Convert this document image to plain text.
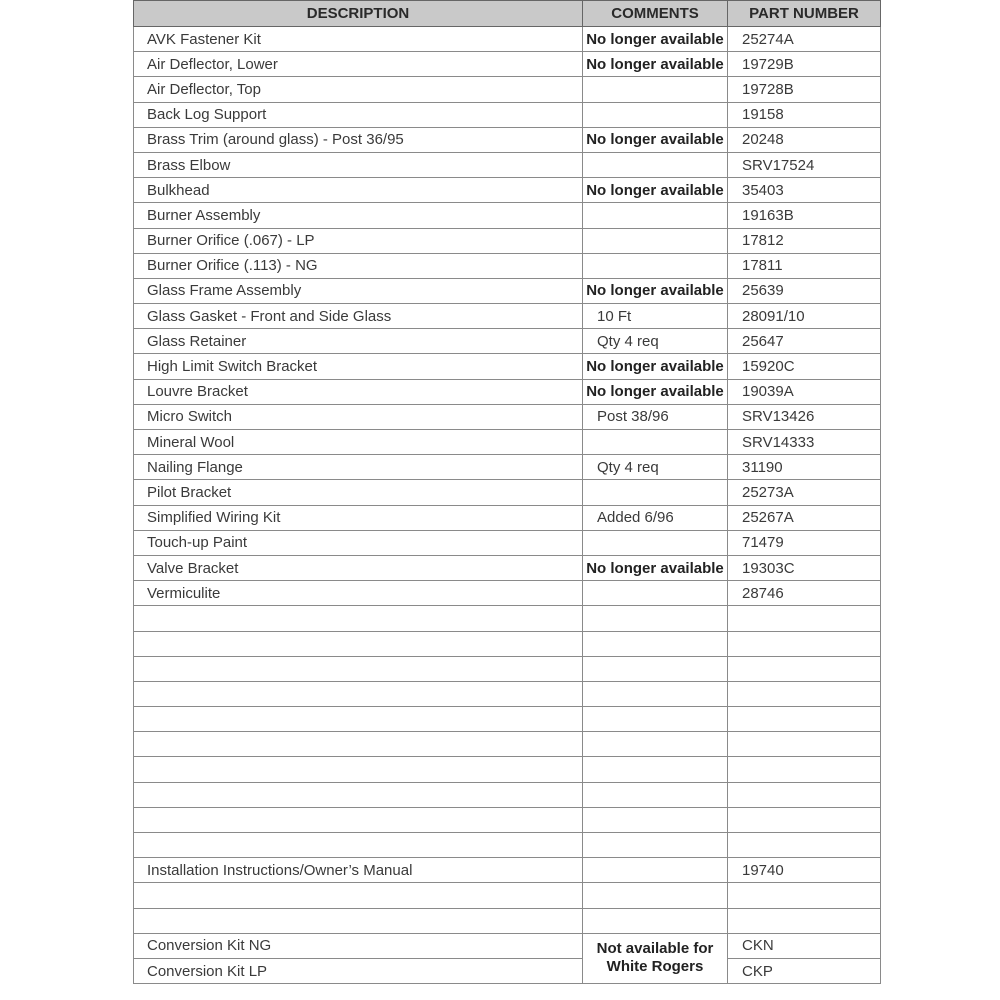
DESCRIPTION	COMMENTS	PART NUMBER
AVK Fastener Kit	No longer available	25274A
Air Deflector, Lower	No longer available	19729B
Air Deflector, Top		19728B
Back Log Support		19158
Brass Trim (around glass) - Post 36/95	No longer available	20248
Brass Elbow		SRV17524
Bulkhead	No longer available	35403
Burner Assembly		19163B
Burner Orifice (.067) - LP		17812
Burner Orifice (.113) - NG		17811
Glass Frame Assembly	No longer available	25639
Glass Gasket - Front and Side Glass	10 Ft	28091/10
Glass Retainer	Qty 4 req	25647
High Limit Switch Bracket	No longer available	15920C
Louvre Bracket	No longer available	19039A
Micro Switch	Post 38/96	SRV13426
Mineral Wool		SRV14333
Nailing Flange	Qty 4 req	31190
Pilot Bracket		25273A
Simplified Wiring Kit	Added 6/96	25267A
Touch-up Paint		71479
Valve Bracket	No longer available	19303C
Vermiculite		28746

Installation Instructions/Owner’s Manual		19740

Conversion Kit NG	Not available for White Rogers	CKN
Conversion Kit LP		CKP
